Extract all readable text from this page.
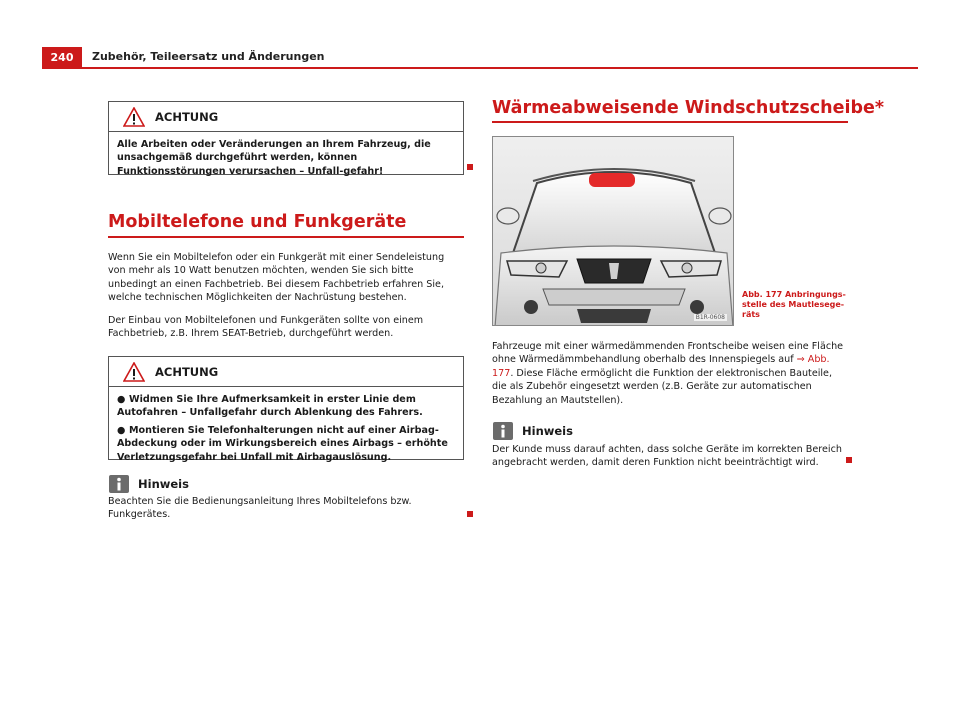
240	Zubehör, Teileersatz und Änderungen
ACHTUNG

Alle Arbeiten oder Veränderungen an Ihrem Fahrzeug, die unsachgemäß durchgeführt werden, können Funktionsstörungen verursachen – Unfall-gefahr!

Mobiltelefone und Funkgeräte
Wenn Sie ein Mobiltelefon oder ein Funkgerät mit einer Sendeleistung von mehr als 10 Watt benutzen möchten, wenden Sie sich bitte unbedingt an einen Fachbetrieb. Bei diesem Fachbetrieb erfahren Sie, welche technischen Möglichkeiten der Nachrüstung bestehen.
Der Einbau von Mobiltelefonen und Funkgeräten sollte von einem Fachbetrieb, z.B. Ihrem SEAT-Betrieb, durchgeführt werden.
ACHTUNG

● Widmen Sie Ihre Aufmerksamkeit in erster Linie dem Autofahren – Unfallgefahr durch Ablenkung des Fahrers.

● Montieren Sie Telefonhalterungen nicht auf einer Airbag-Abdeckung oder im Wirkungsbereich eines Airbags – erhöhte Verletzungsgefahr bei Unfall mit Airbagauslösung.

Hinweis
Beachten Sie die Bedienungsanleitung Ihres Mobiltelefons bzw. Funkgerätes.
Wärmeabweisende Windschutzscheibe*
B1R-0608
Abb. 177 Anbringungs-stelle des Mautlesege-räts
Fahrzeuge mit einer wärmedämmenden Frontscheibe weisen eine Fläche ohne Wärmedämmbehandlung oberhalb des Innenspiegels auf ⇒ Abb. 177. Diese Fläche ermöglicht die Funktion der elektronischen Bauteile, die als Zubehör eingesetzt werden (z.B. Geräte zur automatischen Bezahlung an Mautstellen).
Hinweis
Der Kunde muss darauf achten, dass solche Geräte im korrekten Bereich angebracht werden, damit deren Funktion nicht beeinträchtigt wird.
